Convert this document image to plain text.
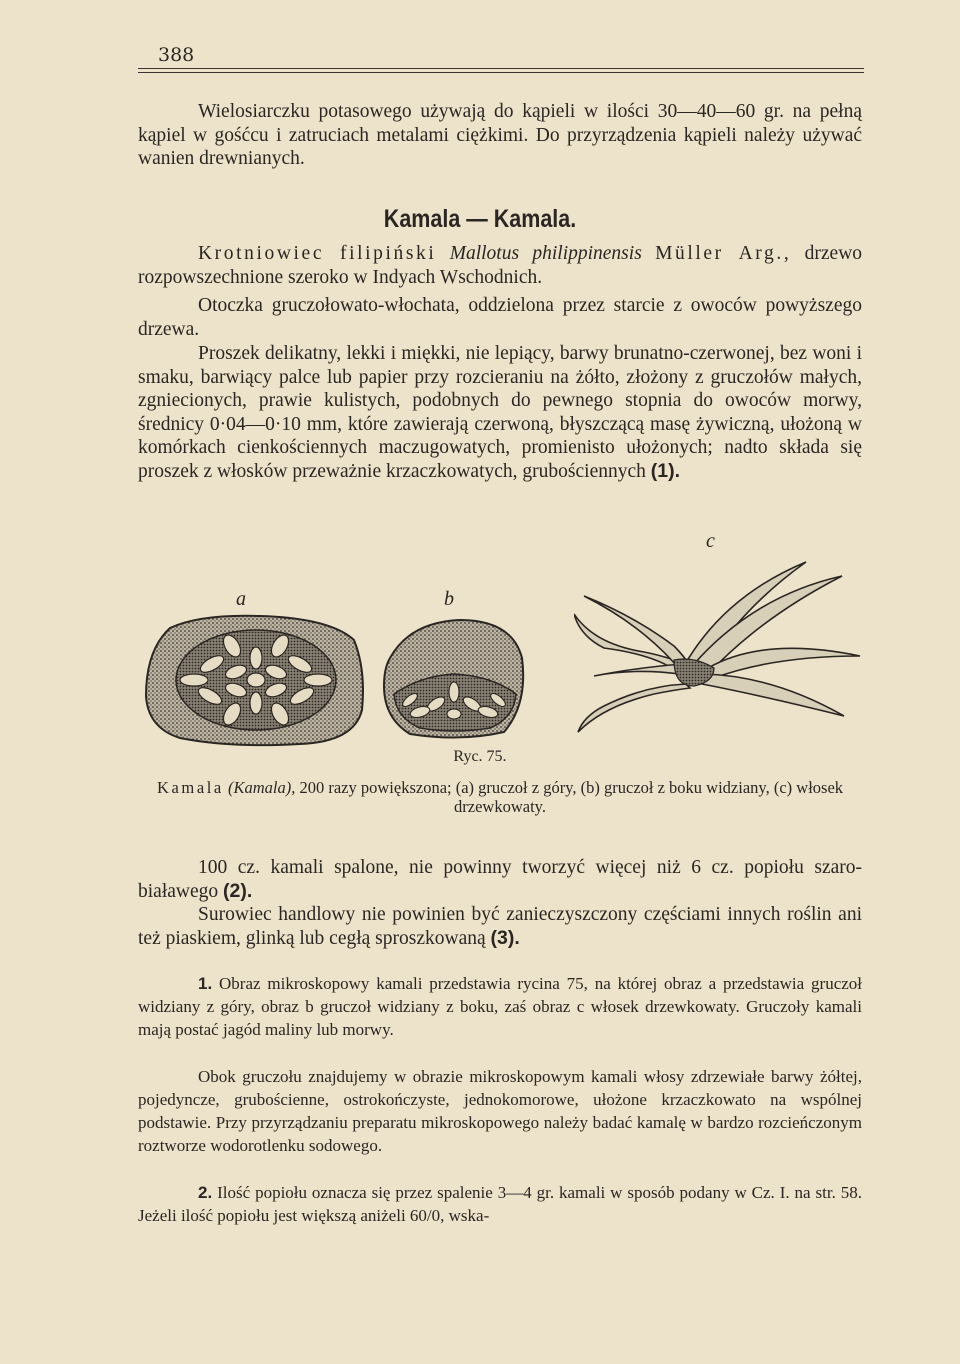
388

Wielosiarczku potasowego używają do kąpieli w ilości 30—40—60 gr. na pełną kąpiel w gośćcu i zatruciach metalami ciężkimi. Do przyrządzenia kąpieli należy używać wanien drewnianych.

Kamala — Kamala.

Krotniowiec filipiński Mallotus philippinensis Müller Arg., drzewo rozpowszechnione szeroko w Indyach Wschodnich.

Otoczka gruczołowato-włochata, oddzielona przez starcie z owoców powyższego drzewa.

Proszek delikatny, lekki i miękki, nie lepiący, barwy brunatno-czerwonej, bez woni i smaku, barwiący palce lub papier przy rozcieraniu na żółto, złożony z gruczołów małych, zgniecionych, prawie kulistych, podobnych do pewnego stopnia do owoców morwy, średnicy 0·04—0·10 mm, które zawierają czerwoną, błyszczącą masę żywiczną, ułożoną w komórkach cienkościennych maczugowatych, promienisto ułożonych; nadto składa się proszek z włosków przeważnie krzaczkowatych, grubościennych (1).

a	b
c
Ryc. 75.
Kamala (Kamala), 200 razy powiększona; (a) gruczoł z góry, (b) gruczoł z boku widziany, (c) włosek drzewkowaty.

100 cz. kamali spalone, nie powinny tworzyć więcej niż 6 cz. popiołu szaro-białawego (2).

Surowiec handlowy nie powinien być zanieczyszczony częściami innych roślin ani też piaskiem, glinką lub cegłą sproszkowaną (3).

1. Obraz mikroskopowy kamali przedstawia rycina 75, na której obraz a przedstawia gruczoł widziany z góry, obraz b gruczoł widziany z boku, zaś obraz c włosek drzewkowaty. Gruczoły kamali mają postać jagód maliny lub morwy.

Obok gruczołu znajdujemy w obrazie mikroskopowym kamali włosy zdrzewiałe barwy żółtej, pojedyncze, grubościenne, ostrokończyste, jednokomorowe, ułożone krzaczkowato na wspólnej podstawie. Przy przyrządzaniu preparatu mikroskopowego należy badać kamalę w bardzo rozcieńczonym roztworze wodorotlenku sodowego.

2. Ilość popiołu oznacza się przez spalenie 3—4 gr. kamali w sposób podany w Cz. I. na str. 58. Jeżeli ilość popiołu jest większą aniżeli 60/0, wska-
